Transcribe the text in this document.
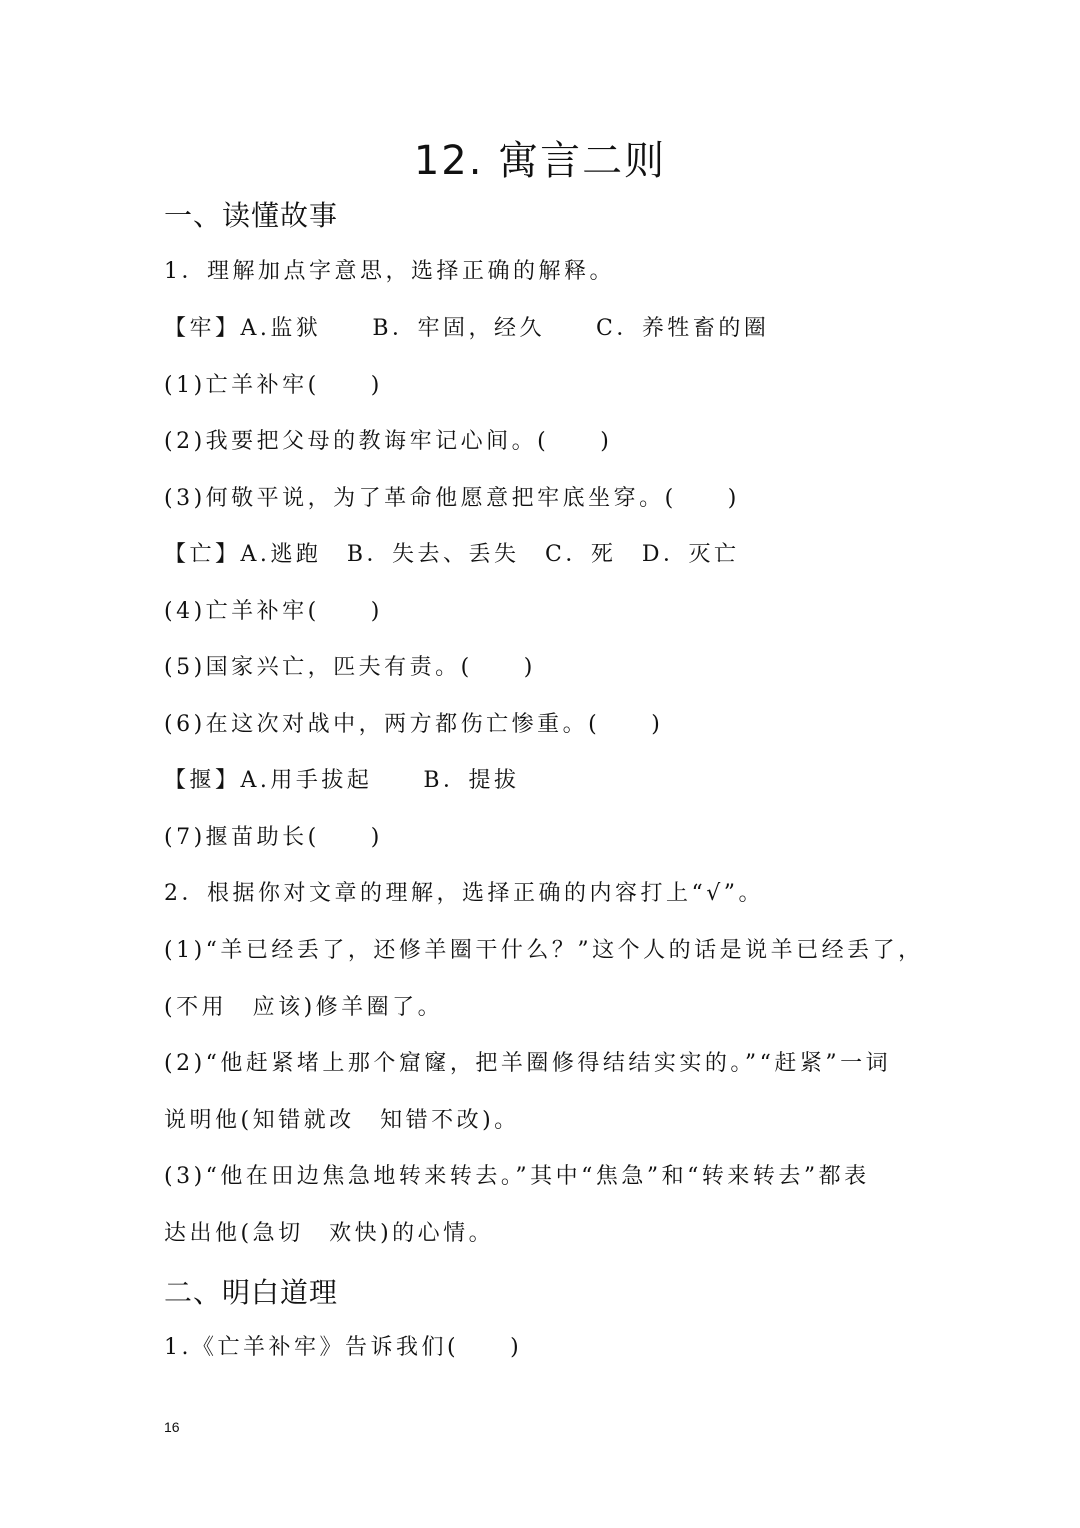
12. 寓言二则
一、读懂故事
1．理解加点字意思，选择正确的解释。
【牢】A.监狱　　B．牢固，经久　　C．养牲畜的圈
(1)亡羊补牢(　　)
(2)我要把父母的教诲牢记心间。(　　)
(3)何敬平说，为了革命他愿意把牢底坐穿。(　　)
【亡】A.逃跑　B．失去、丢失　C．死　D．灭亡
(4)亡羊补牢(　　)
(5)国家兴亡，匹夫有责。(　　)
(6)在这次对战中，两方都伤亡惨重。(　　)
【揠】A.用手拔起　　B．提拔
(7)揠苗助长(　　)
2．根据你对文章的理解，选择正确的内容打上“√”。
(1)“羊已经丢了，还修羊圈干什么？”这个人的话是说羊已经丢了，
(不用　应该)修羊圈了。
(2)“他赶紧堵上那个窟窿，把羊圈修得结结实实的。”“赶紧”一词
说明他(知错就改　知错不改)。
(3)“他在田边焦急地转来转去。”其中“焦急”和“转来转去”都表
达出他(急切　欢快)的心情。
二、明白道理
1.《亡羊补牢》告诉我们(　　)
16
